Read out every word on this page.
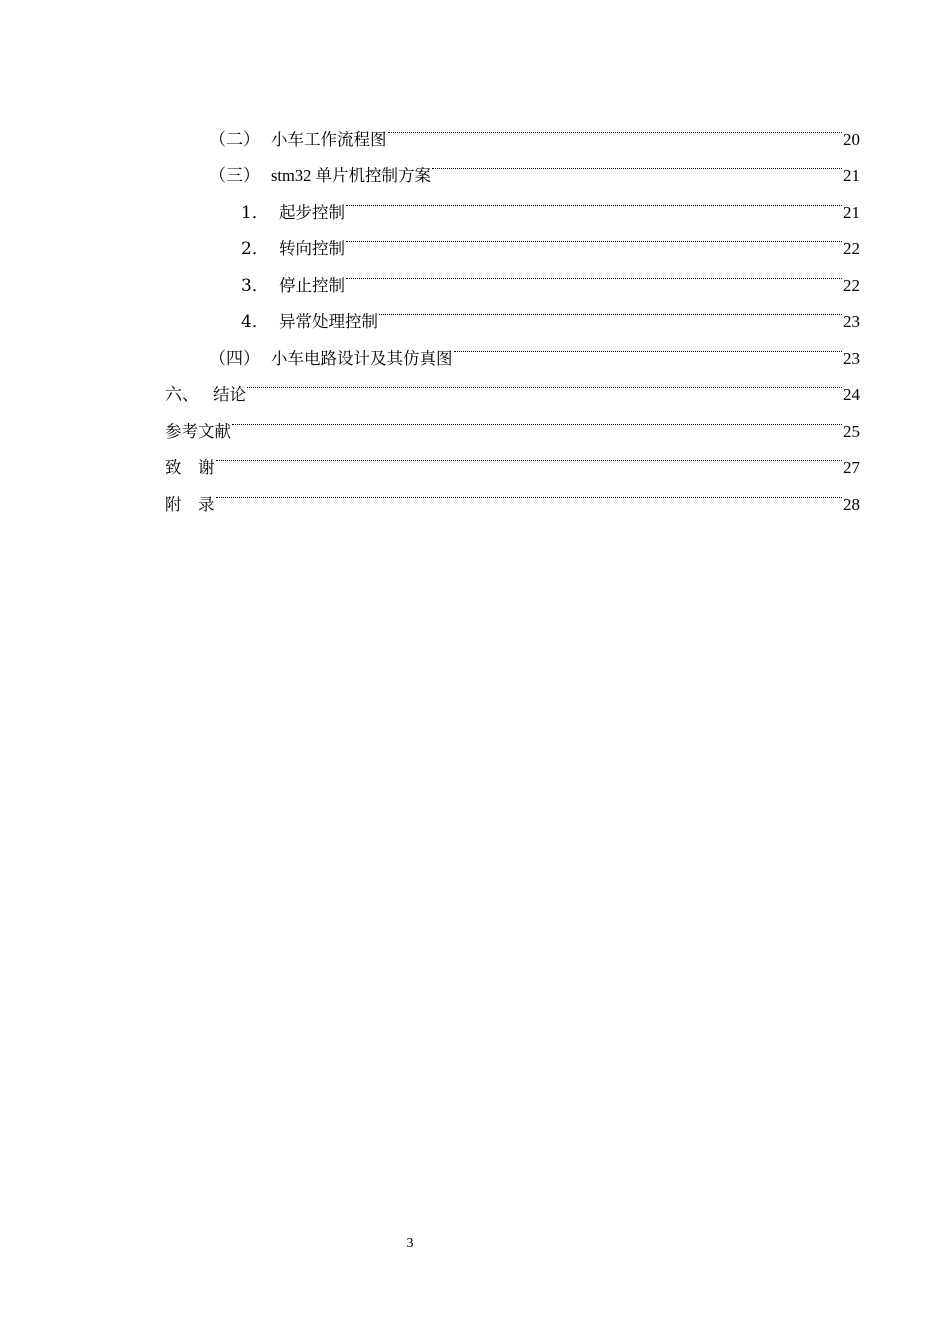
（二） 小车工作流程图	20
（三） stm32 单片机控制方案	21
1． 起步控制	21
2． 转向控制	22
3． 停止控制	22
4． 异常处理控制	23
（四） 小车电路设计及其仿真图	23
六、 结论	24
参考文献	25
致　谢	27
附　录	28
3
